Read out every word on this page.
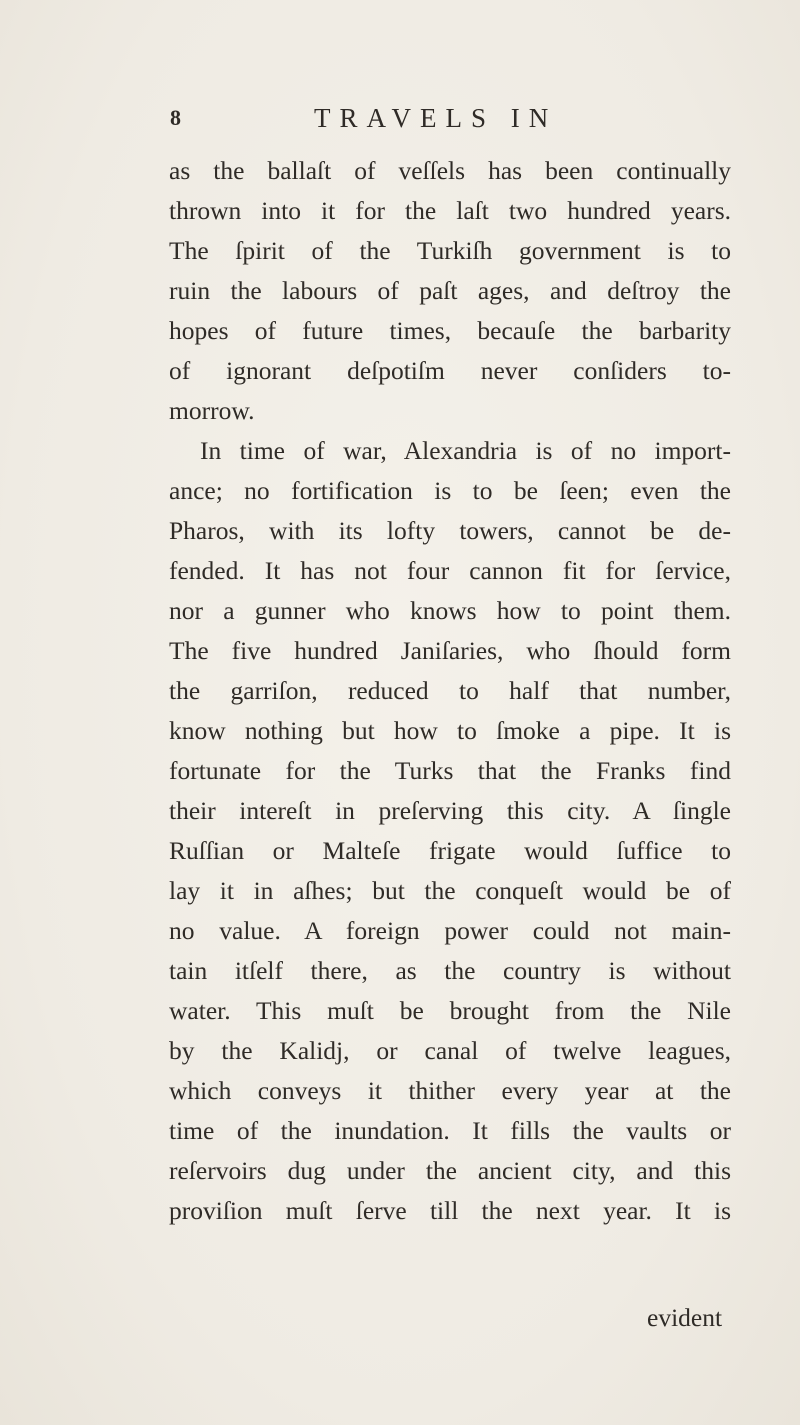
8	TRAVELS IN
as the ballaſt of veſſels has been continually
thrown into it for the laſt two hundred years.
The ſpirit of the Turkiſh government is to
ruin the labours of paſt ages, and deſtroy the
hopes of future times, becauſe the barbarity
of ignorant deſpotiſm never conſiders to-
morrow.
In time of war, Alexandria is of no import-
ance; no fortification is to be ſeen; even the
Pharos, with its lofty towers, cannot be de-
fended. It has not four cannon fit for ſervice,
nor a gunner who knows how to point them.
The five hundred Janiſaries, who ſhould form
the garriſon, reduced to half that number,
know nothing but how to ſmoke a pipe. It is
fortunate for the Turks that the Franks find
their intereſt in preſerving this city. A ſingle
Ruſſian or Malteſe frigate would ſuffice to
lay it in aſhes; but the conqueſt would be of
no value. A foreign power could not main-
tain itſelf there, as the country is without
water. This muſt be brought from the Nile
by the Kalidj, or canal of twelve leagues,
which conveys it thither every year at the
time of the inundation. It fills the vaults or
reſervoirs dug under the ancient city, and this
proviſion muſt ſerve till the next year. It is
evident
